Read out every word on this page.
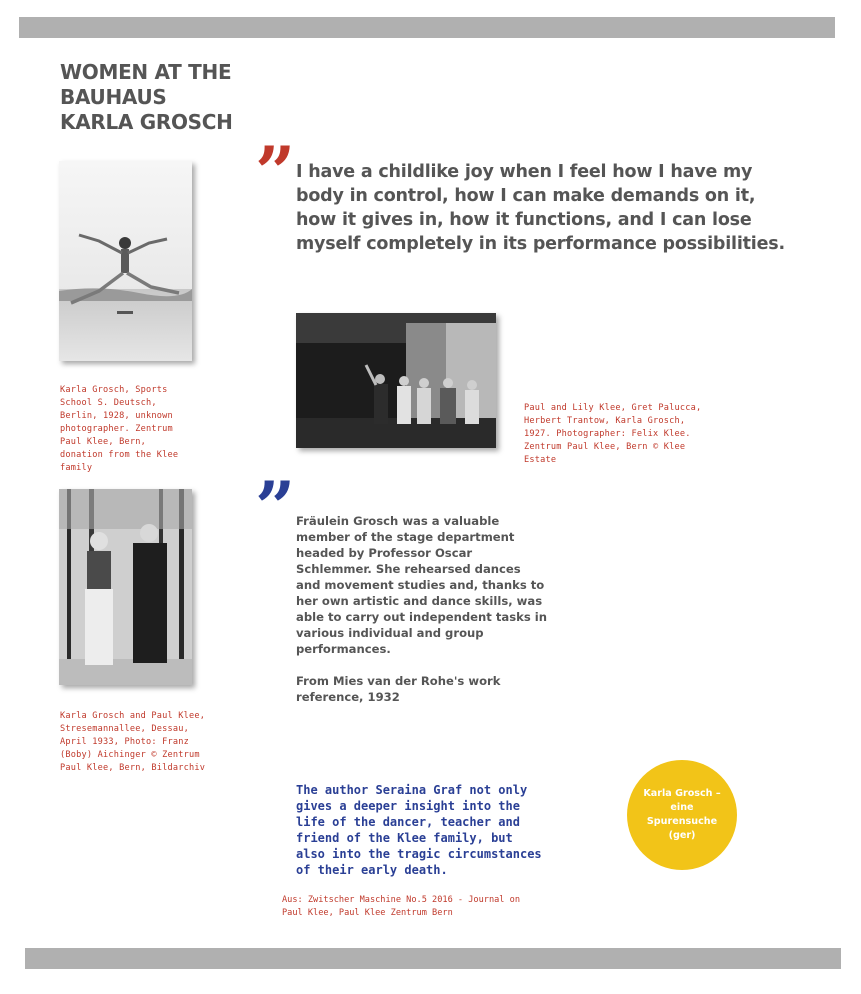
WOMEN AT THE
BAUHAUS
KARLA GROSCH
Karla Grosch, Sports
School S. Deutsch,
Berlin, 1928, unknown
photographer. Zentrum
Paul Klee, Bern,
donation from the Klee
family
” I have a childlike joy when I feel how I have my
body in control, how I can make demands on it,
how it gives in, how it functions, and I can lose
myself completely in its performance possibilities.
Paul and Lily Klee, Gret Palucca,
Herbert Trantow, Karla Grosch,
1927. Photographer: Felix Klee.
Zentrum Paul Klee, Bern © Klee
Estate
Karla Grosch and Paul Klee,
Stresemannallee, Dessau,
April 1933, Photo: Franz
(Boby) Aichinger © Zentrum
Paul Klee, Bern, Bildarchiv
” Fräulein Grosch was a valuable
member of the stage department
headed by Professor Oscar
Schlemmer. She rehearsed dances
and movement studies and, thanks to
her own artistic and dance skills, was
able to carry out independent tasks in
various individual and group
performances.
From Mies van der Rohe's work
reference, 1932
The author Seraina Graf not only
gives a deeper insight into the
life of the dancer, teacher and
friend of the Klee family, but
also into the tragic circumstances
of their early death.
Aus: Zwitscher Maschine No.5 2016 - Journal on
Paul Klee, Paul Klee Zentrum Bern
Karla Grosch –
eine
Spurensuche
(ger)
